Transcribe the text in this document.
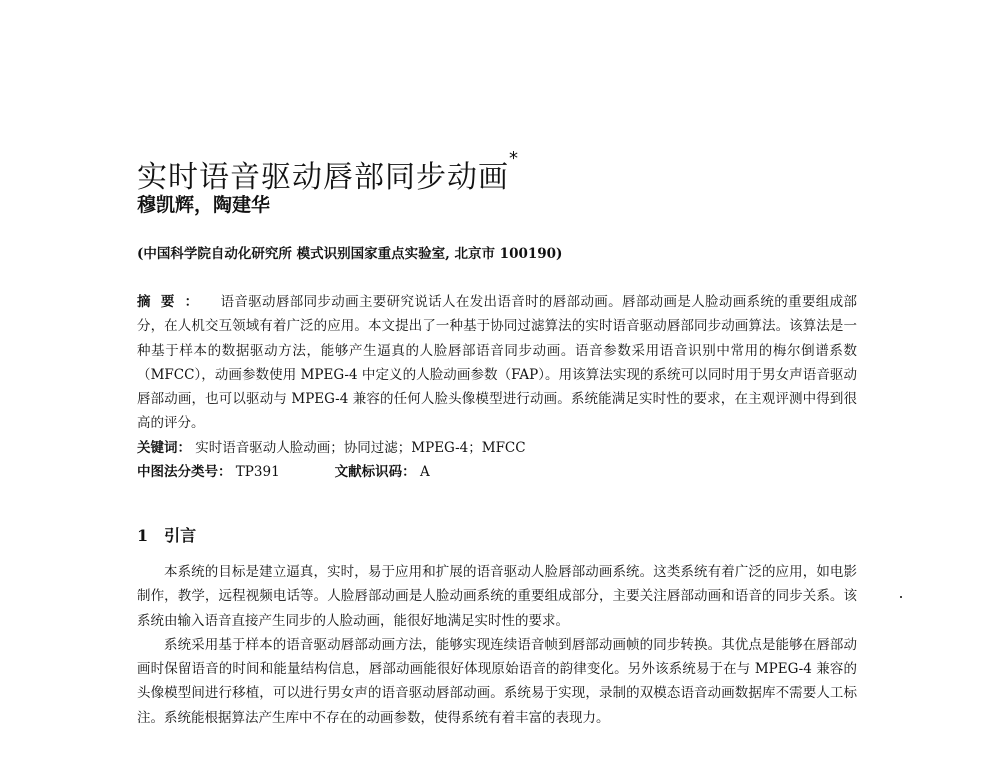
实时语音驱动唇部同步动画*
穆凯辉，陶建华
(中国科学院自动化研究所 模式识别国家重点实验室, 北京市 100190)
摘要： 语音驱动唇部同步动画主要研究说话人在发出语音时的唇部动画。唇部动画是人脸动画系统的重要组成部分，在人机交互领域有着广泛的应用。本文提出了一种基于协同过滤算法的实时语音驱动唇部同步动画算法。该算法是一种基于样本的数据驱动方法，能够产生逼真的人脸唇部语音同步动画。语音参数采用语音识别中常用的梅尔倒谱系数（MFCC），动画参数使用 MPEG-4 中定义的人脸动画参数（FAP）。用该算法实现的系统可以同时用于男女声语音驱动唇部动画，也可以驱动与 MPEG-4 兼容的任何人脸头像模型进行动画。系统能满足实时性的要求，在主观评测中得到很高的评分。
关键词： 实时语音驱动人脸动画；协同过滤；MPEG-4；MFCC
中图法分类号： TP391	文献标识码： A
1 引言

本系统的目标是建立逼真，实时，易于应用和扩展的语音驱动人脸唇部动画系统。这类系统有着广泛的应用，如电影制作，教学，远程视频电话等。人脸唇部动画是人脸动画系统的重要组成部分，主要关注唇部动画和语音的同步关系。该系统由输入语音直接产生同步的人脸动画，能很好地满足实时性的要求。

系统采用基于样本的语音驱动唇部动画方法，能够实现连续语音帧到唇部动画帧的同步转换。其优点是能够在唇部动画时保留语音的时间和能量结构信息，唇部动画能很好体现原始语音的韵律变化。另外该系统易于在与 MPEG-4 兼容的头像模型间进行移植，可以进行男女声的语音驱动唇部动画。系统易于实现，录制的双模态语音动画数据库不需要人工标注。系统能根据算法产生库中不存在的动画参数，使得系统有着丰富的表现力。
